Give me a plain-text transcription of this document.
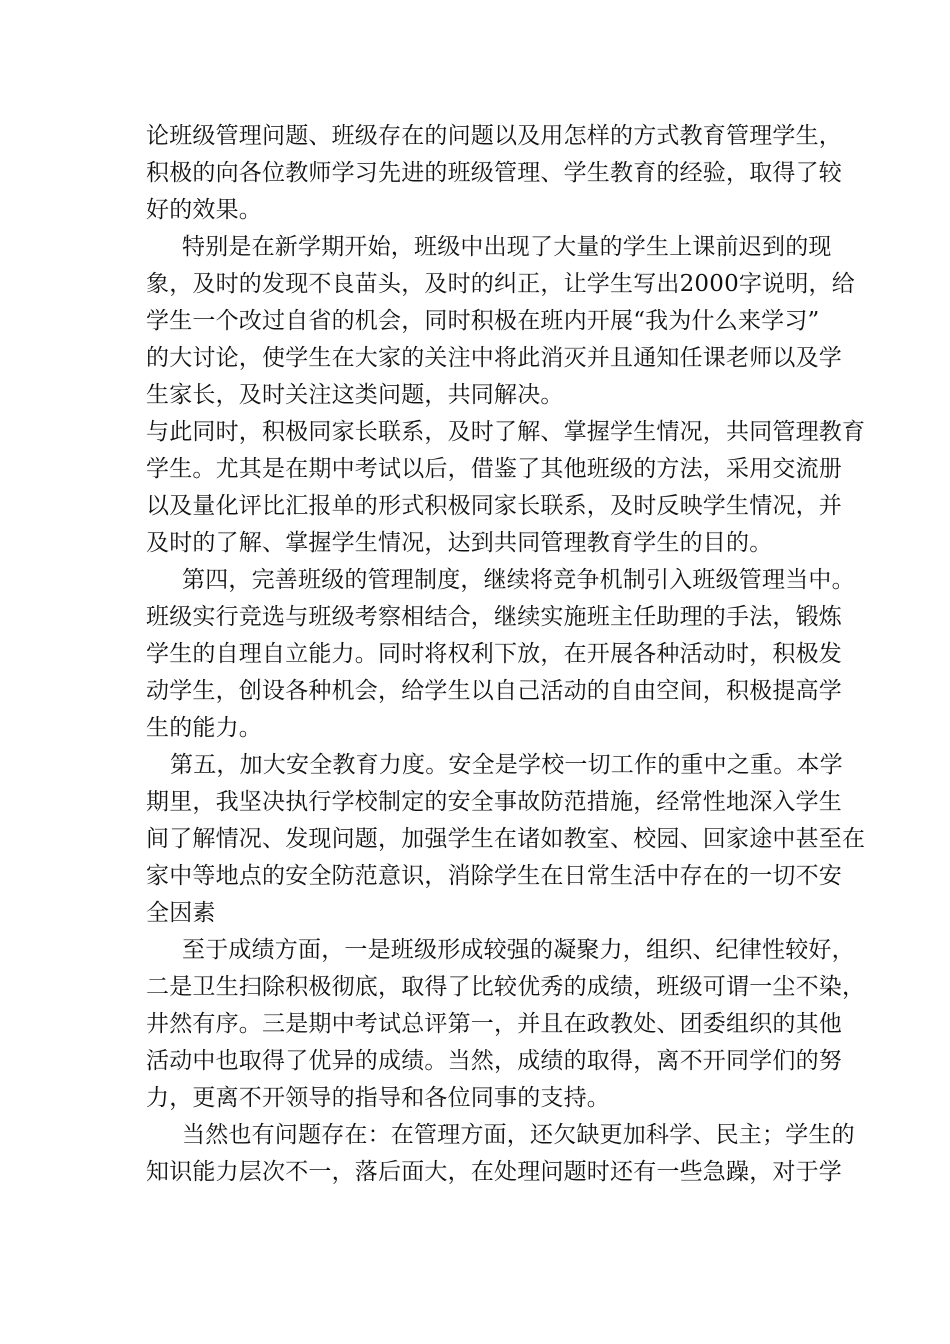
论班级管理问题、班级存在的问题以及用怎样的方式教育管理学生，
积极的向各位教师学习先进的班级管理、学生教育的经验，取得了较
好的效果。
特别是在新学期开始，班级中出现了大量的学生上课前迟到的现
象，及时的发现不良苗头，及时的纠正，让学生写出2000字说明，给
学生一个改过自省的机会，同时积极在班内开展“我为什么来学习”
的大讨论，使学生在大家的关注中将此消灭并且通知任课老师以及学
生家长，及时关注这类问题，共同解决。
与此同时，积极同家长联系，及时了解、掌握学生情况，共同管理教育
学生。尤其是在期中考试以后，借鉴了其他班级的方法，采用交流册
以及量化评比汇报单的形式积极同家长联系，及时反映学生情况，并
及时的了解、掌握学生情况，达到共同管理教育学生的目的。
第四，完善班级的管理制度，继续将竞争机制引入班级管理当中。
班级实行竞选与班级考察相结合，继续实施班主任助理的手法，锻炼
学生的自理自立能力。同时将权利下放，在开展各种活动时，积极发
动学生，创设各种机会，给学生以自己活动的自由空间，积极提高学
生的能力。
第五，加大安全教育力度。安全是学校一切工作的重中之重。本学
期里，我坚决执行学校制定的安全事故防范措施，经常性地深入学生
间了解情况、发现问题，加强学生在诸如教室、校园、回家途中甚至在
家中等地点的安全防范意识，消除学生在日常生活中存在的一切不安
全因素
至于成绩方面，一是班级形成较强的凝聚力，组织、纪律性较好，
二是卫生扫除积极彻底，取得了比较优秀的成绩，班级可谓一尘不染，
井然有序。三是期中考试总评第一，并且在政教处、团委组织的其他
活动中也取得了优异的成绩。当然，成绩的取得，离不开同学们的努
力，更离不开领导的指导和各位同事的支持。
当然也有问题存在：在管理方面，还欠缺更加科学、民主；学生的
知识能力层次不一，落后面大，在处理问题时还有一些急躁，对于学
